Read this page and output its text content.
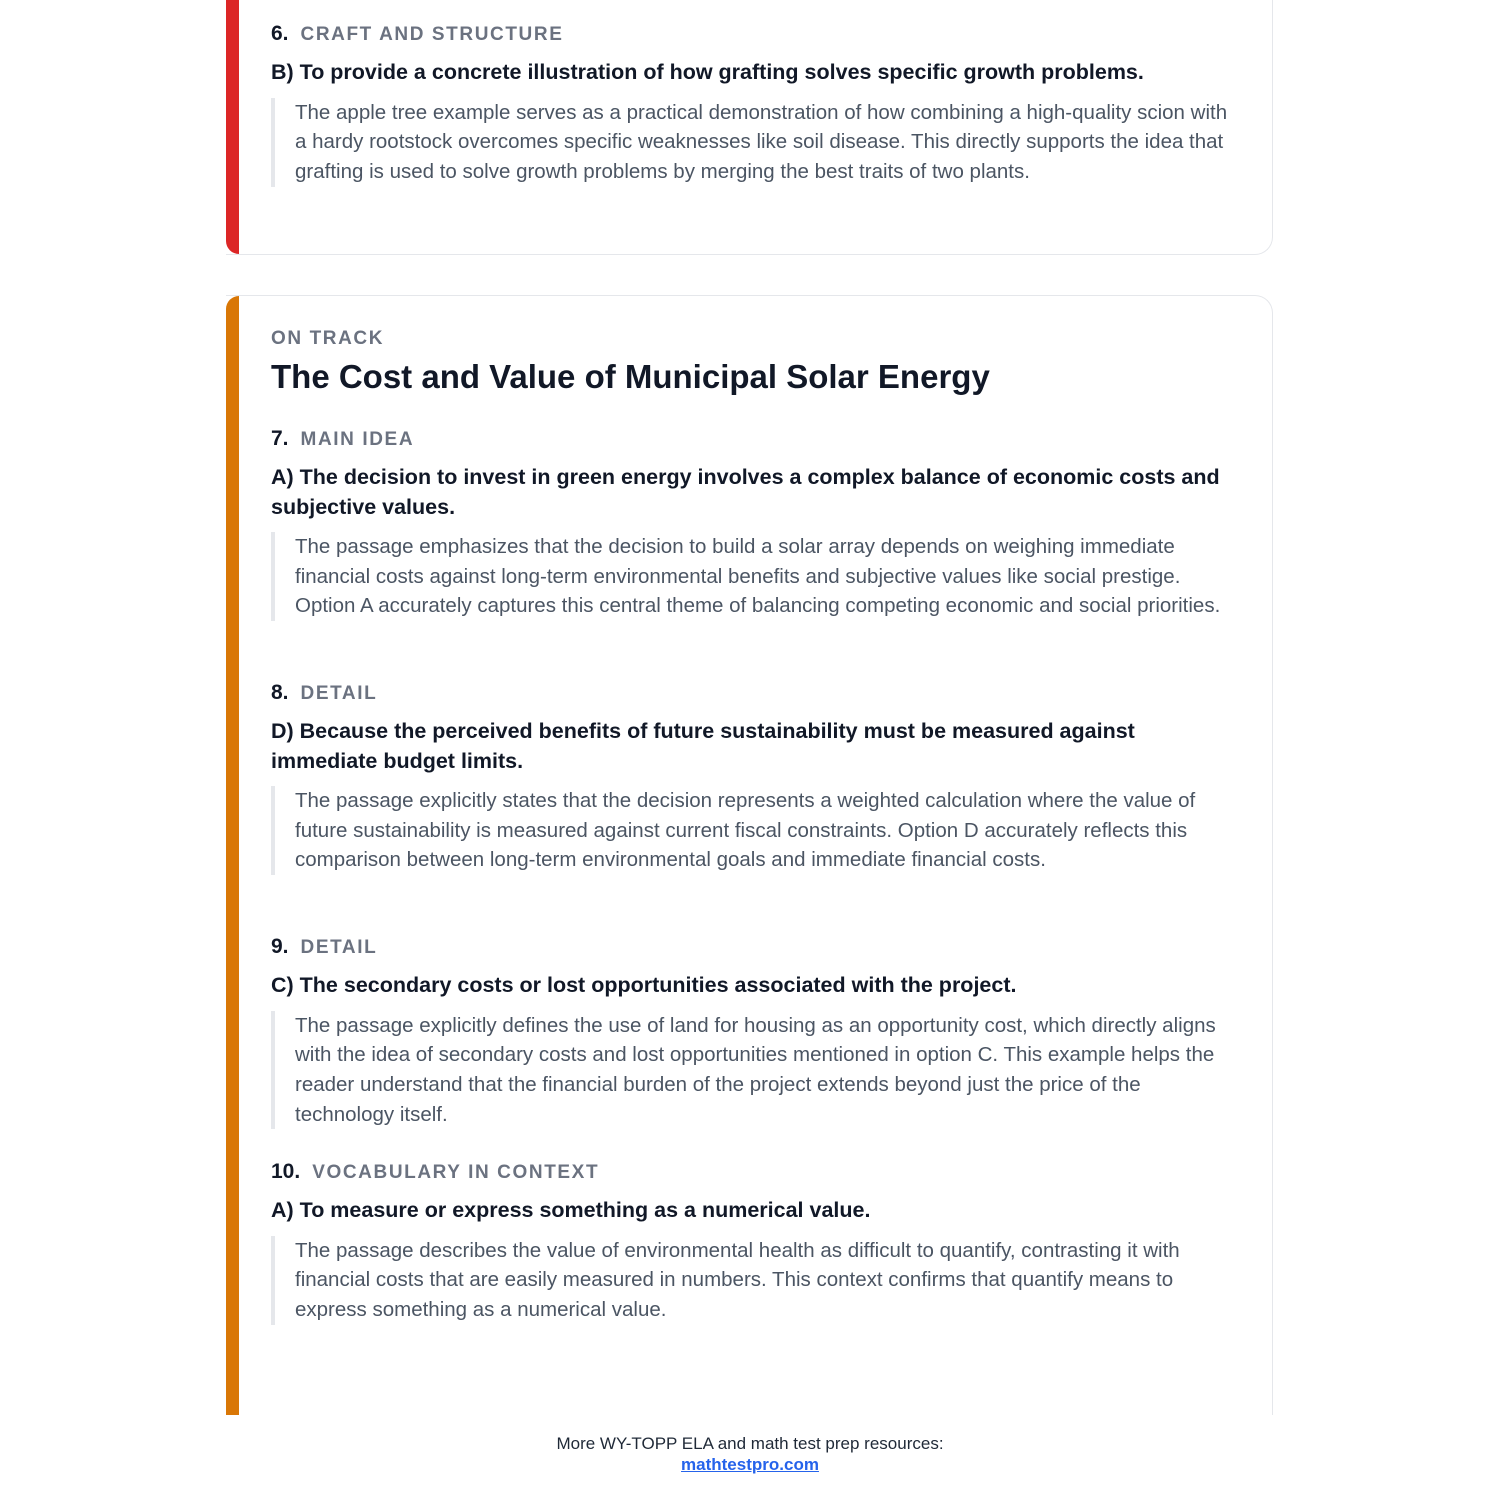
6. CRAFT AND STRUCTURE
B) To provide a concrete illustration of how grafting solves specific growth problems.
The apple tree example serves as a practical demonstration of how combining a high-quality scion with a hardy rootstock overcomes specific weaknesses like soil disease. This directly supports the idea that grafting is used to solve growth problems by merging the best traits of two plants.
ON TRACK
The Cost and Value of Municipal Solar Energy
7. MAIN IDEA
A) The decision to invest in green energy involves a complex balance of economic costs and subjective values.
The passage emphasizes that the decision to build a solar array depends on weighing immediate financial costs against long-term environmental benefits and subjective values like social prestige. Option A accurately captures this central theme of balancing competing economic and social priorities.
8. DETAIL
D) Because the perceived benefits of future sustainability must be measured against immediate budget limits.
The passage explicitly states that the decision represents a weighted calculation where the value of future sustainability is measured against current fiscal constraints. Option D accurately reflects this comparison between long-term environmental goals and immediate financial costs.
9. DETAIL
C) The secondary costs or lost opportunities associated with the project.
The passage explicitly defines the use of land for housing as an opportunity cost, which directly aligns with the idea of secondary costs and lost opportunities mentioned in option C. This example helps the reader understand that the financial burden of the project extends beyond just the price of the technology itself.
10. VOCABULARY IN CONTEXT
A) To measure or express something as a numerical value.
The passage describes the value of environmental health as difficult to quantify, contrasting it with financial costs that are easily measured in numbers. This context confirms that quantify means to express something as a numerical value.
More WY-TOPP ELA and math test prep resources:
mathtestpro.com
